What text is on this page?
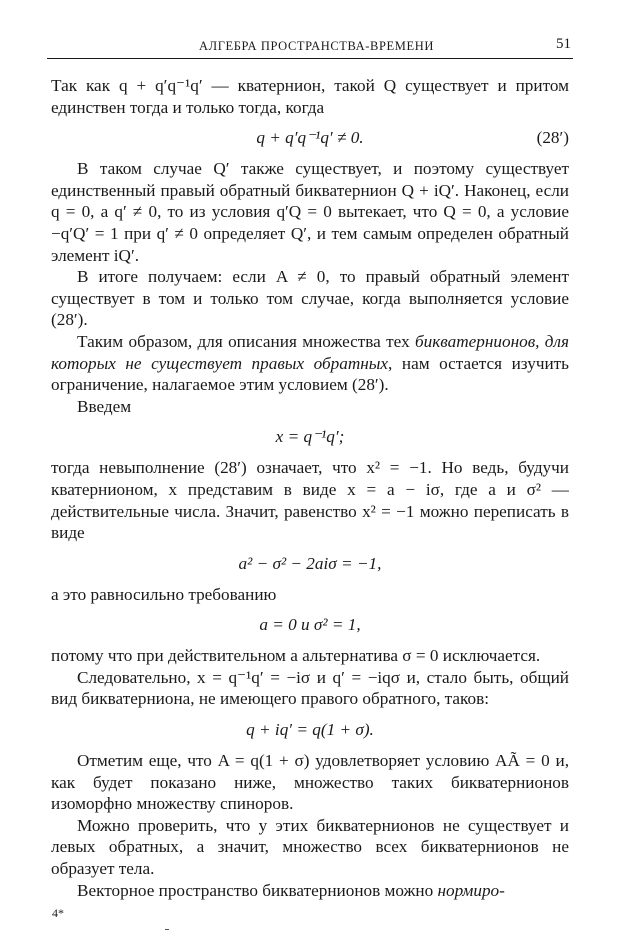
АЛГЕБРА ПРОСТРАНСТВА-ВРЕМЕНИ	51

Так как q + q′q⁻¹q′ — кватернион, такой Q существует и притом единствен тогда и только тогда, когда

q + q′q⁻¹q′ ≠ 0.	(28′)

В таком случае Q′ также существует, и поэтому существует единственный правый обратный бикватернион Q + iQ′. Наконец, если q = 0, а q′ ≠ 0, то из условия q′Q = 0 вытекает, что Q = 0, а условие −q′Q′ = 1 при q′ ≠ 0 определяет Q′, и тем самым определен обратный элемент iQ′.

В итоге получаем: если A ≠ 0, то правый обратный элемент существует в том и только том случае, когда выполняется условие (28′).

Таким образом, для описания множества тех бикватернионов, для которых не существует правых обратных, нам остается изучить ограничение, налагаемое этим условием (28′).

Введем

x = q⁻¹q′;

тогда невыполнение (28′) означает, что x² = −1. Но ведь, будучи кватернионом, x представим в виде x = a − iσ, где a и σ² — действительные числа. Значит, равенство x² = −1 можно переписать в виде

a² − σ² − 2aiσ = −1,

а это равносильно требованию

a = 0 и σ² = 1,

потому что при действительном a альтернатива σ = 0 исключается.

Следовательно, x = q⁻¹q′ = −iσ и q′ = −iqσ и, стало быть, общий вид бикватерниона, не имеющего правого обратного, таков:

q + iq′ = q(1 + σ).

Отметим еще, что A = q(1 + σ) удовлетворяет условию AÃ = 0 и, как будет показано ниже, множество таких бикватернионов изоморфно множеству спиноров.

Можно проверить, что у этих бикватернионов не существует и левых обратных, а значит, множество всех бикватернионов не образует тела.

Векторное пространство бикватернионов можно нормиро-

4*
